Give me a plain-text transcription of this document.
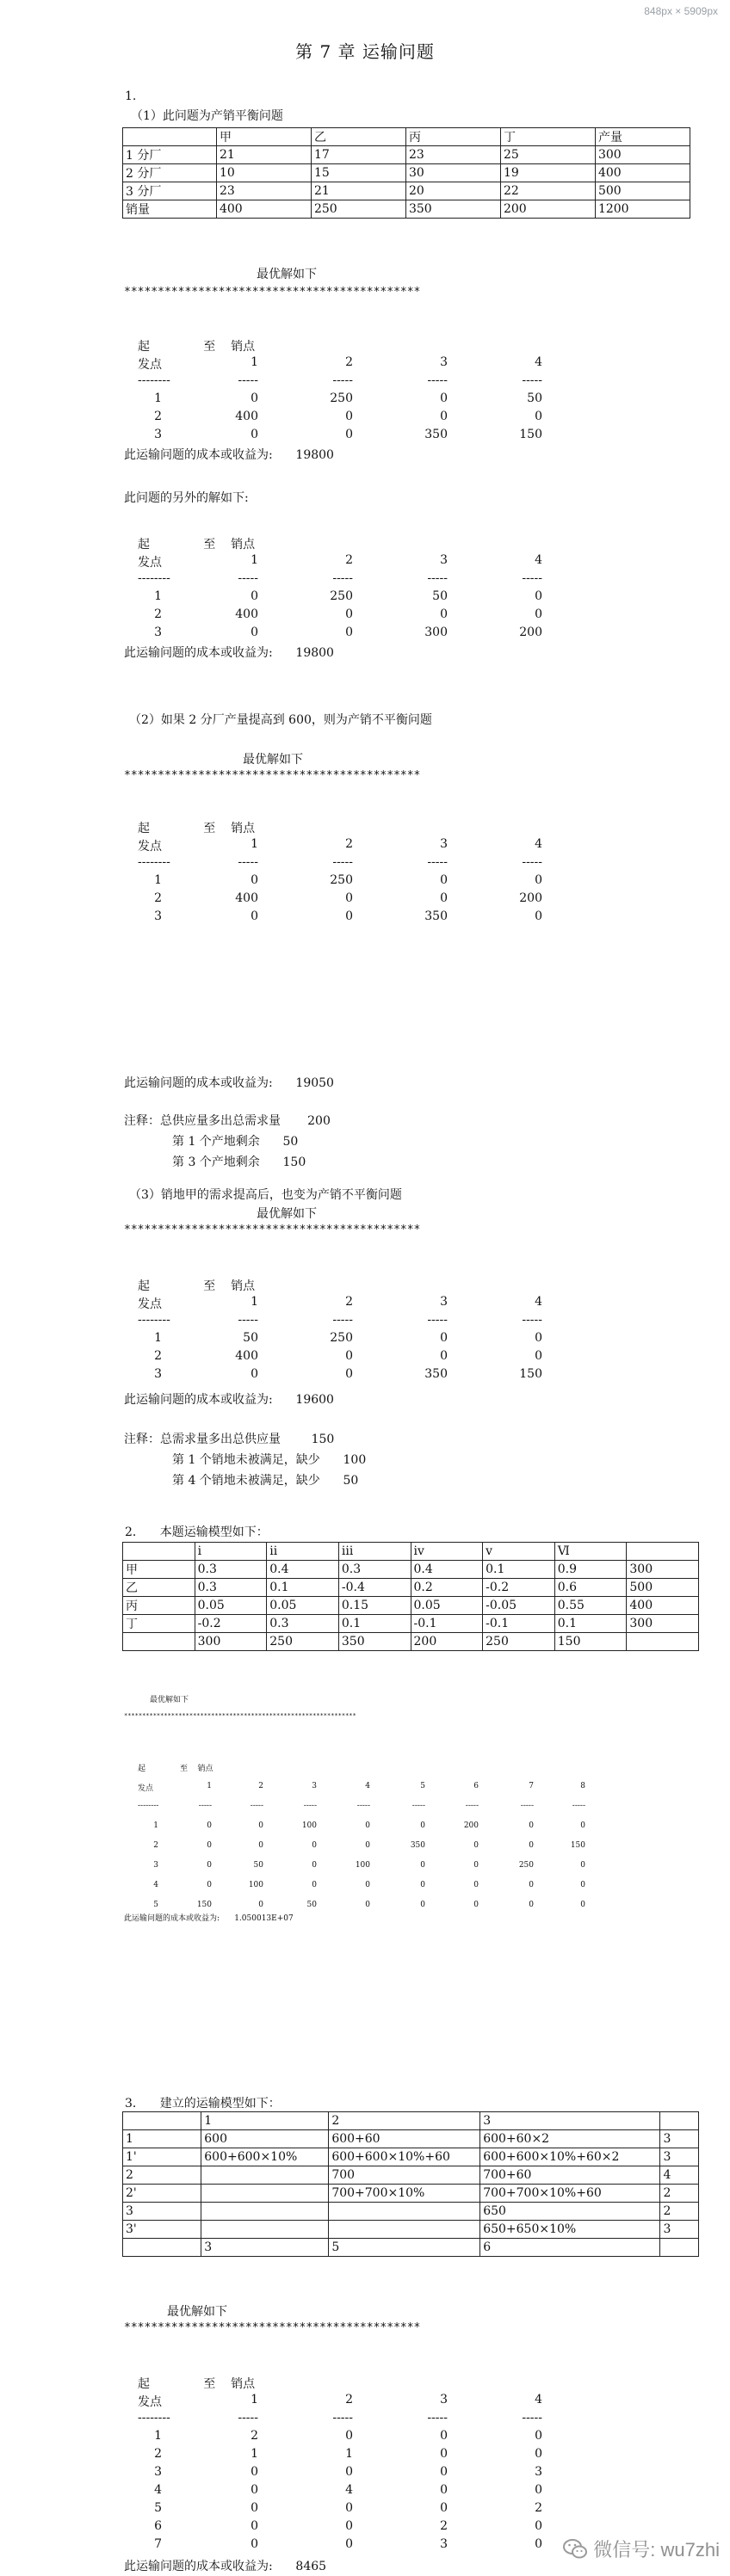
848px × 5909px
第 7 章 运输问题
1.
（1）此问题为产销平衡问题
	甲	乙	丙	丁	产量
1 分厂	21	17	23	25	300
2 分厂	10	15	30	19	400
3 分厂	23	21	20	22	500
销量	400	250	350	200	1200
最优解如下
********************************************
起              至    销点
发点	1	2	3	4
--------	-----	-----	-----	-----
1	0	250	0	50
2	400	0	0	0
3	0	0	350	150
此运输问题的成本或收益为:      19800
此问题的另外的解如下:
起              至    销点
发点	1	2	3	4
--------	-----	-----	-----	-----
1	0	250	50	0
2	400	0	0	0
3	0	0	300	200
此运输问题的成本或收益为:      19800
（2）如果 2 分厂产量提高到 600，则为产销不平衡问题
最优解如下
********************************************
起              至    销点
发点	1	2	3	4
--------	-----	-----	-----	-----
1	0	250	0	0
2	400	0	0	200
3	0	0	350	0
此运输问题的成本或收益为:      19050
注释：总供应量多出总需求量       200
第 1 个产地剩余      50
第 3 个产地剩余      150
（3）销地甲的需求提高后，也变为产销不平衡问题
最优解如下
********************************************
起              至    销点
发点	1	2	3	4
--------	-----	-----	-----	-----
1	50	250	0	0
2	400	0	0	0
3	0	0	350	150
此运输问题的成本或收益为:      19600
注释：总需求量多出总供应量        150
第 1 个销地未被满足，缺少      100
第 4 个销地未被满足，缺少      50
2．    本题运输模型如下：
	i	ii	iii	iv	v	Ⅵ	
甲	0.3	0.4	0.3	0.4	0.1	0.9	300
乙	0.3	0.1	-0.4	0.2	-0.2	0.6	500
丙	0.05	0.05	0.15	0.05	-0.05	0.55	400
丁	-0.2	0.3	0.1	-0.1	-0.1	0.1	300
	300	250	350	200	250	150	
最优解如下
****************************************************************
起              至    销点
发点	1	2	3	4	5	6	7	8
--------	-----	-----	-----	-----	-----	-----	-----	-----
1	0	0	100	0	0	200	0	0
2	0	0	0	0	350	0	0	150
3	0	50	0	100	0	0	250	0
4	0	100	0	0	0	0	0	0
5	150	0	50	0	0	0	0	0
此运输问题的成本或收益为:      1.050013E+07
3．    建立的运输模型如下：
	1	2	3	
1	600	600+60	600+60×2	3
1'	600+600×10%	600+600×10%+60	600+600×10%+60×2	3
2		700	700+60	4
2'		700+700×10%	700+700×10%+60	2
3			650	2
3'			650+650×10%	3
	3	5	6	
最优解如下
********************************************
起              至    销点
发点	1	2	3	4
--------	-----	-----	-----	-----
1	2	0	0	0
2	1	1	0	0
3	0	0	0	3
4	0	4	0	0
5	0	0	0	2
6	0	0	2	0
7	0	0	3	0
此运输问题的成本或收益为:      8465
微信号: wu7zhi
